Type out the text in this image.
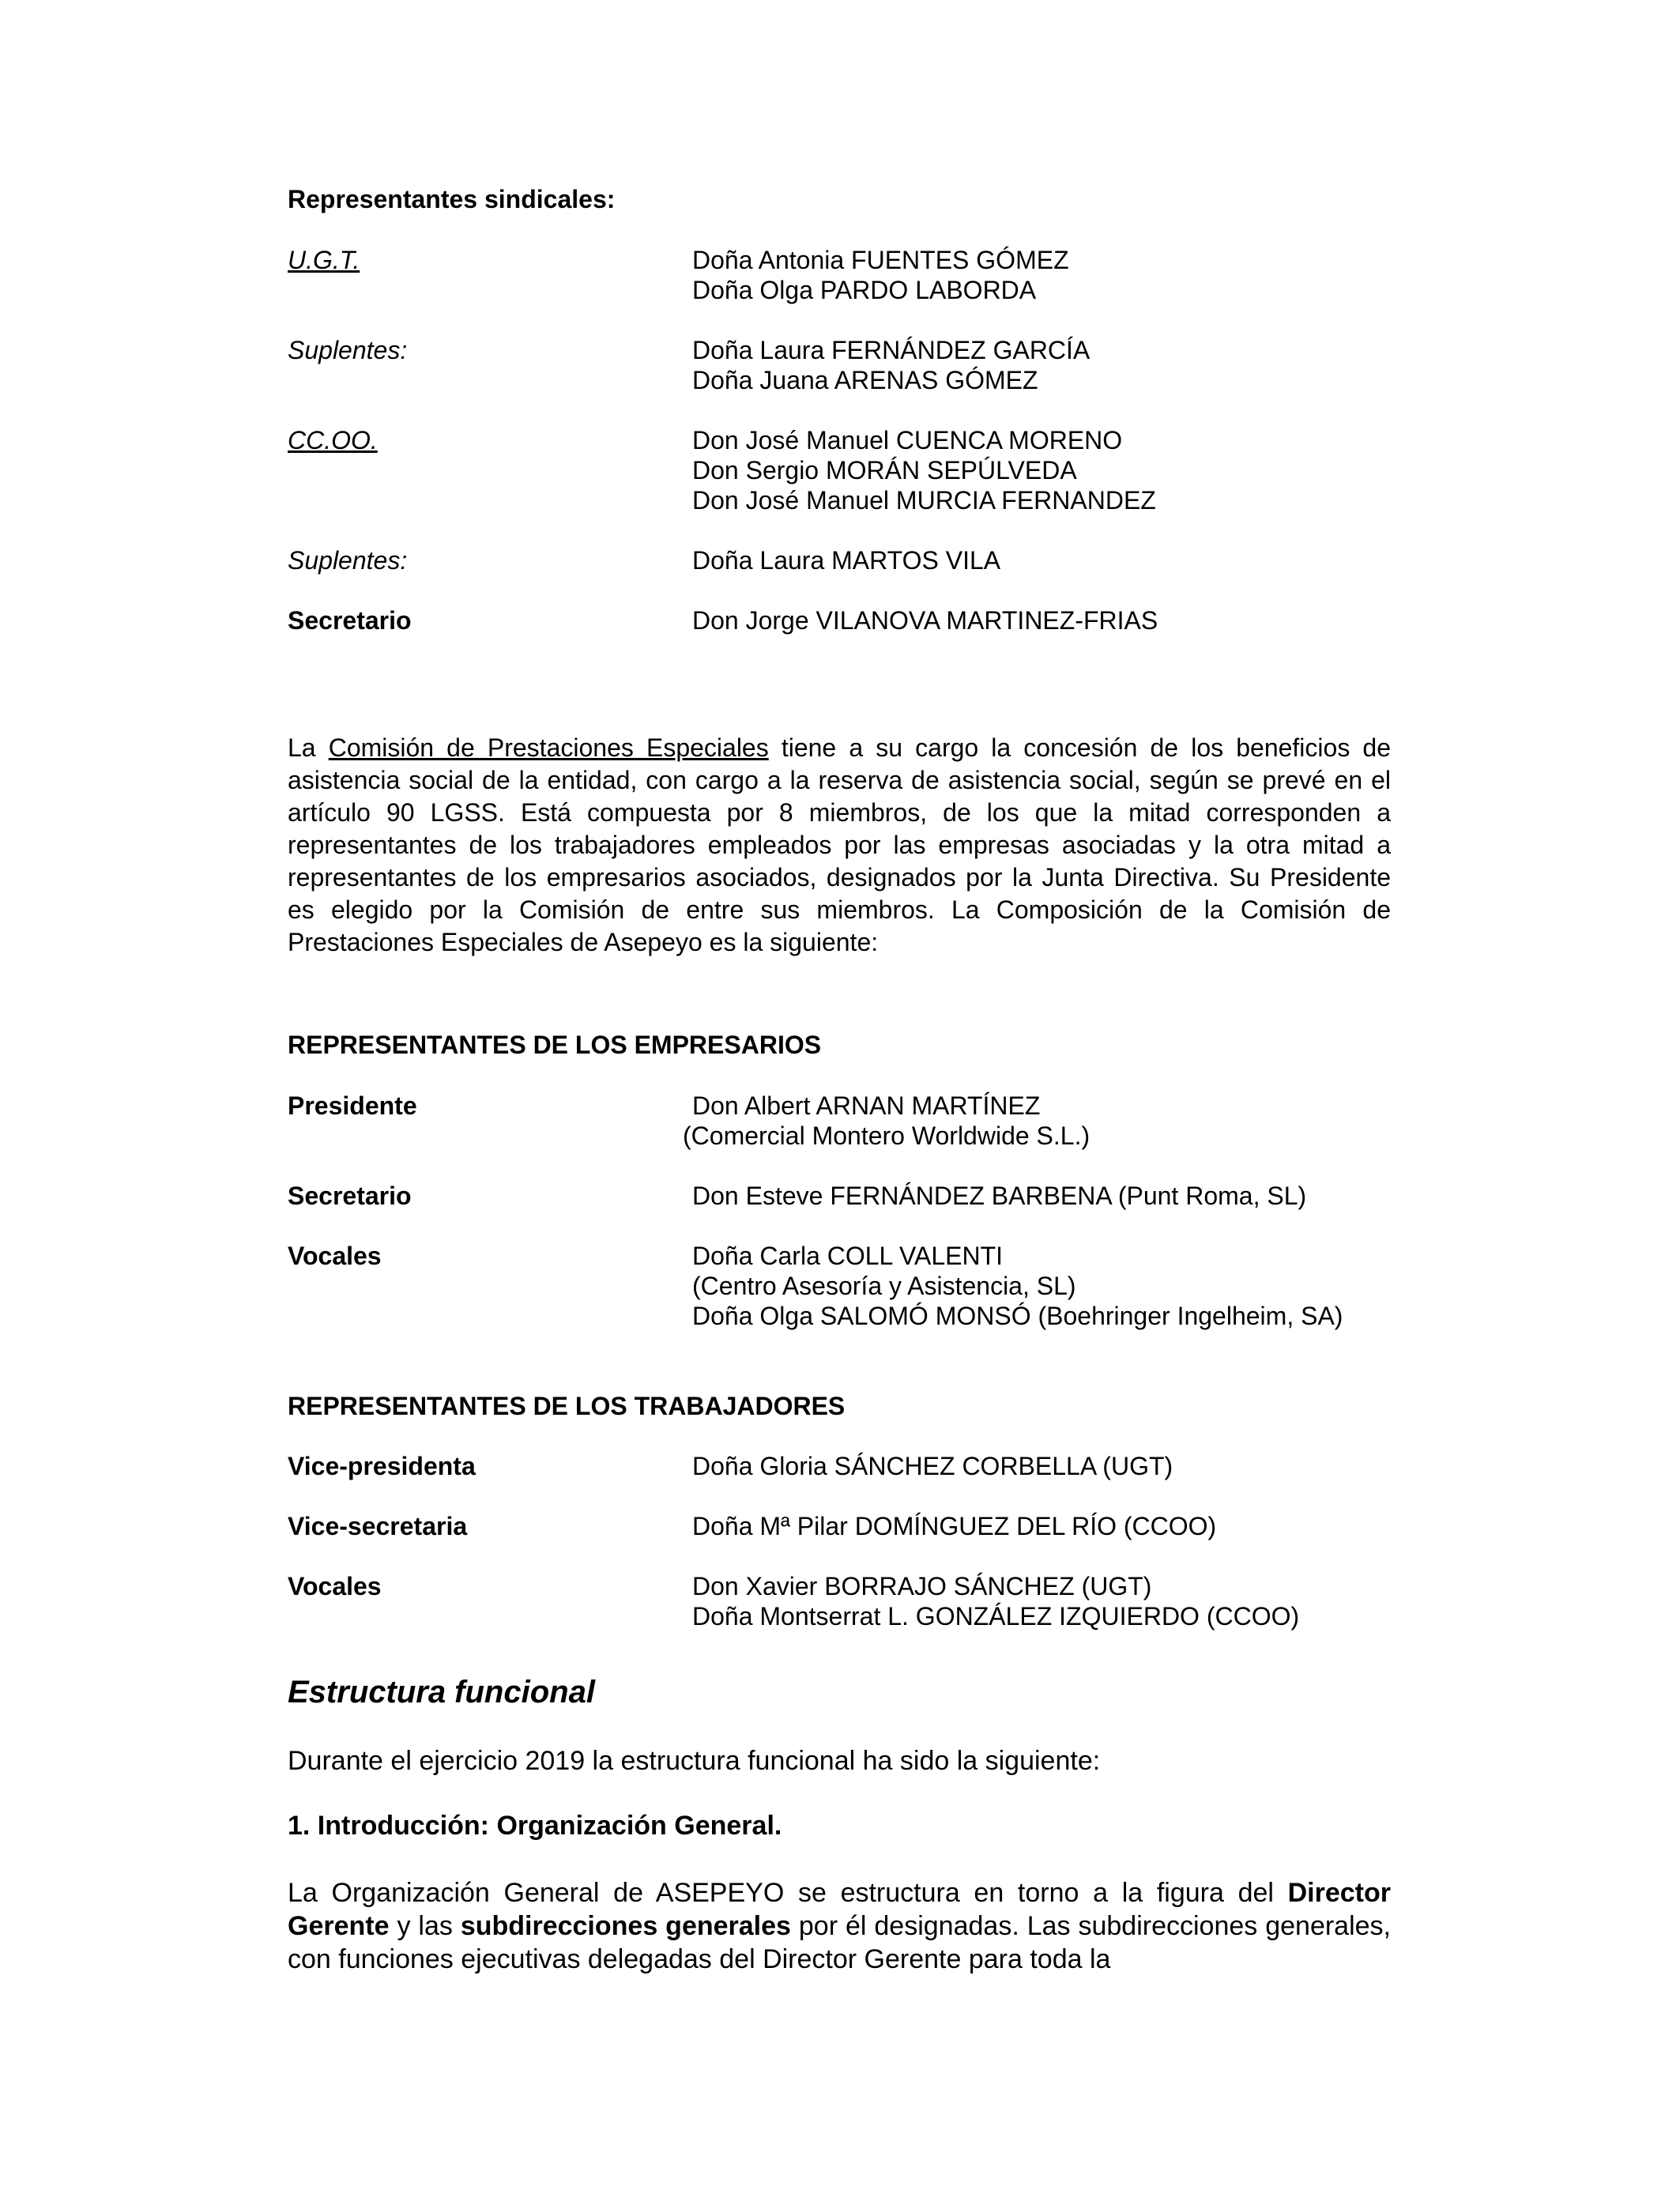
Representantes sindicales:
U.G.T.	Doña Antonia FUENTES GÓMEZ
Doña Olga PARDO LABORDA
Suplentes:	Doña Laura FERNÁNDEZ GARCÍA
Doña Juana ARENAS GÓMEZ
CC.OO.	Don José Manuel CUENCA MORENO
Don Sergio MORÁN SEPÚLVEDA
Don José Manuel MURCIA FERNANDEZ
Suplentes:	Doña Laura MARTOS VILA
Secretario	Don Jorge VILANOVA MARTINEZ-FRIAS
La Comisión de Prestaciones Especiales tiene a su cargo la concesión de los beneficios de asistencia social de la entidad, con cargo a la reserva de asistencia social, según se prevé en el artículo 90 LGSS. Está compuesta por 8 miembros, de los que la mitad corresponden a representantes de los trabajadores empleados por las empresas asociadas y la otra mitad a representantes de los empresarios asociados, designados por la Junta Directiva. Su Presidente es elegido por la Comisión de entre sus miembros. La Composición de la Comisión de Prestaciones Especiales de Asepeyo es la siguiente:
REPRESENTANTES DE LOS EMPRESARIOS
Presidente	Don Albert ARNAN MARTÍNEZ
(Comercial Montero Worldwide S.L.)
Secretario	Don Esteve FERNÁNDEZ BARBENA (Punt Roma, SL)
Vocales	Doña Carla COLL VALENTI
(Centro Asesoría y Asistencia, SL)
Doña Olga SALOMÓ MONSÓ (Boehringer Ingelheim, SA)
REPRESENTANTES DE LOS TRABAJADORES
Vice-presidenta	Doña Gloria SÁNCHEZ CORBELLA (UGT)
Vice-secretaria	Doña Mª Pilar DOMÍNGUEZ DEL RÍO (CCOO)
Vocales	Don Xavier BORRAJO SÁNCHEZ (UGT)
Doña Montserrat L. GONZÁLEZ IZQUIERDO (CCOO)
Estructura funcional
Durante el ejercicio 2019 la estructura funcional ha sido la siguiente:
1. Introducción: Organización General.
La Organización General de ASEPEYO se estructura en torno a la figura del Director Gerente y las subdirecciones generales por él designadas. Las subdirecciones generales, con funciones ejecutivas delegadas del Director Gerente para toda la
